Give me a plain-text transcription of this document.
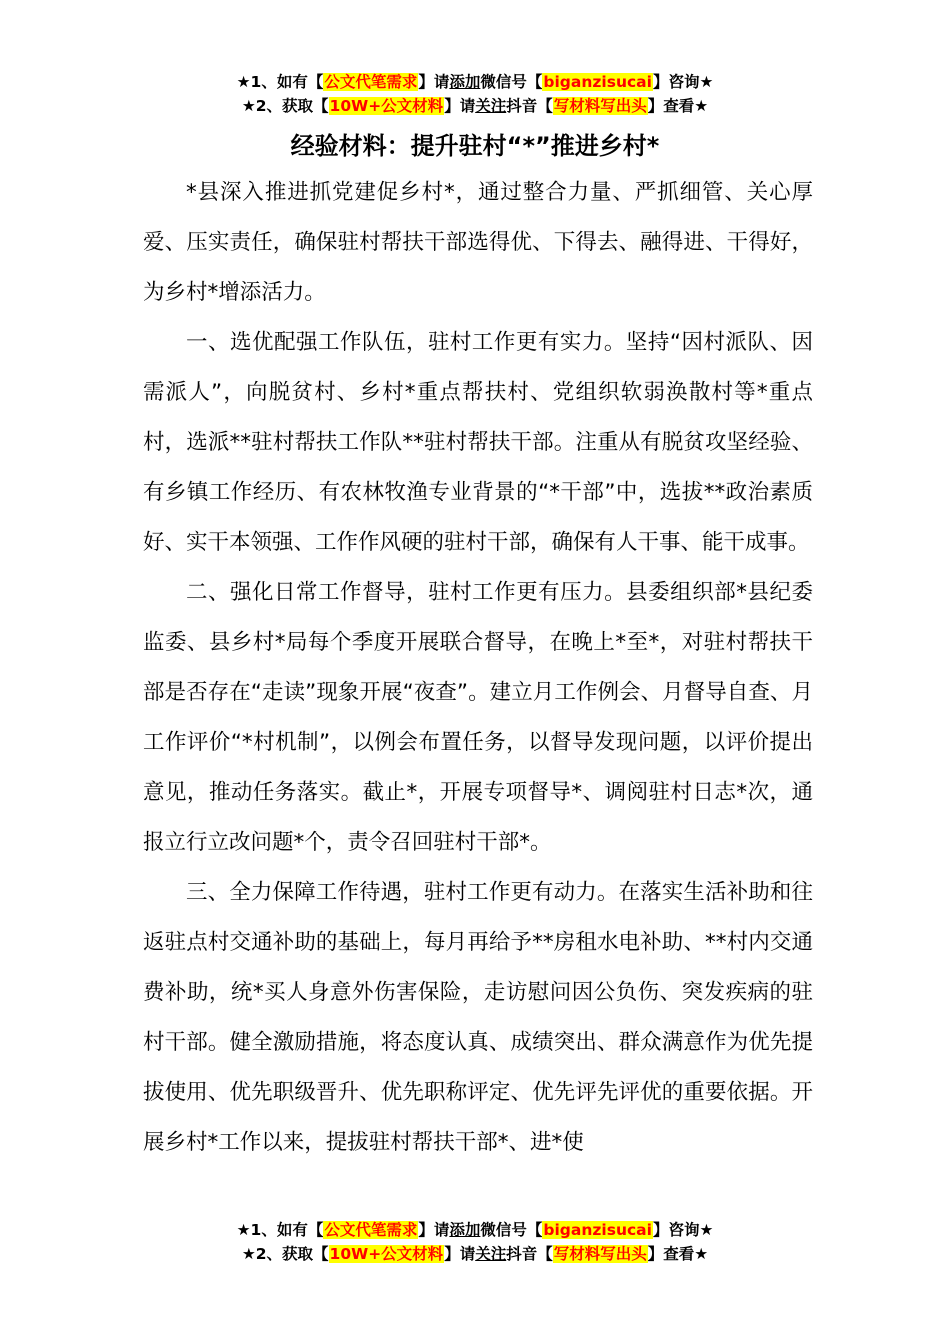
★1、如有【公文代笔需求】请添加微信号【biganzisucai】咨询★
★2、获取【10W+公文材料】请关注抖音【写材料写出头】查看★
经验材料：提升驻村“*”推进乡村*

*县深入推进抓党建促乡村*，通过整合力量、严抓细管、关心厚爱、压实责任，确保驻村帮扶干部选得优、下得去、融得进、干得好，为乡村*增添活力。

一、选优配强工作队伍，驻村工作更有实力。坚持“因村派队、因需派人”，向脱贫村、乡村*重点帮扶村、党组织软弱涣散村等*重点村，选派**驻村帮扶工作队**驻村帮扶干部。注重从有脱贫攻坚经验、有乡镇工作经历、有农林牧渔专业背景的“*干部”中，选拔**政治素质好、实干本领强、工作作风硬的驻村干部，确保有人干事、能干成事。

二、强化日常工作督导，驻村工作更有压力。县委组织部*县纪委监委、县乡村*局每个季度开展联合督导，在晚上*至*，对驻村帮扶干部是否存在“走读”现象开展“夜查”。建立月工作例会、月督导自查、月工作评价“*村机制”，以例会布置任务，以督导发现问题，以评价提出意见，推动任务落实。截止*，开展专项督导*、调阅驻村日志*次，通报立行立改问题*个，责令召回驻村干部*。

三、全力保障工作待遇，驻村工作更有动力。在落实生活补助和往返驻点村交通补助的基础上，每月再给予**房租水电补助、**村内交通费补助，统*买人身意外伤害保险，走访慰问因公负伤、突发疾病的驻村干部。健全激励措施，将态度认真、成绩突出、群众满意作为优先提拔使用、优先职级晋升、优先职称评定、优先评先评优的重要依据。开展乡村*工作以来，提拔驻村帮扶干部*、进*使

★1、如有【公文代笔需求】请添加微信号【biganzisucai】咨询★
★2、获取【10W+公文材料】请关注抖音【写材料写出头】查看★
